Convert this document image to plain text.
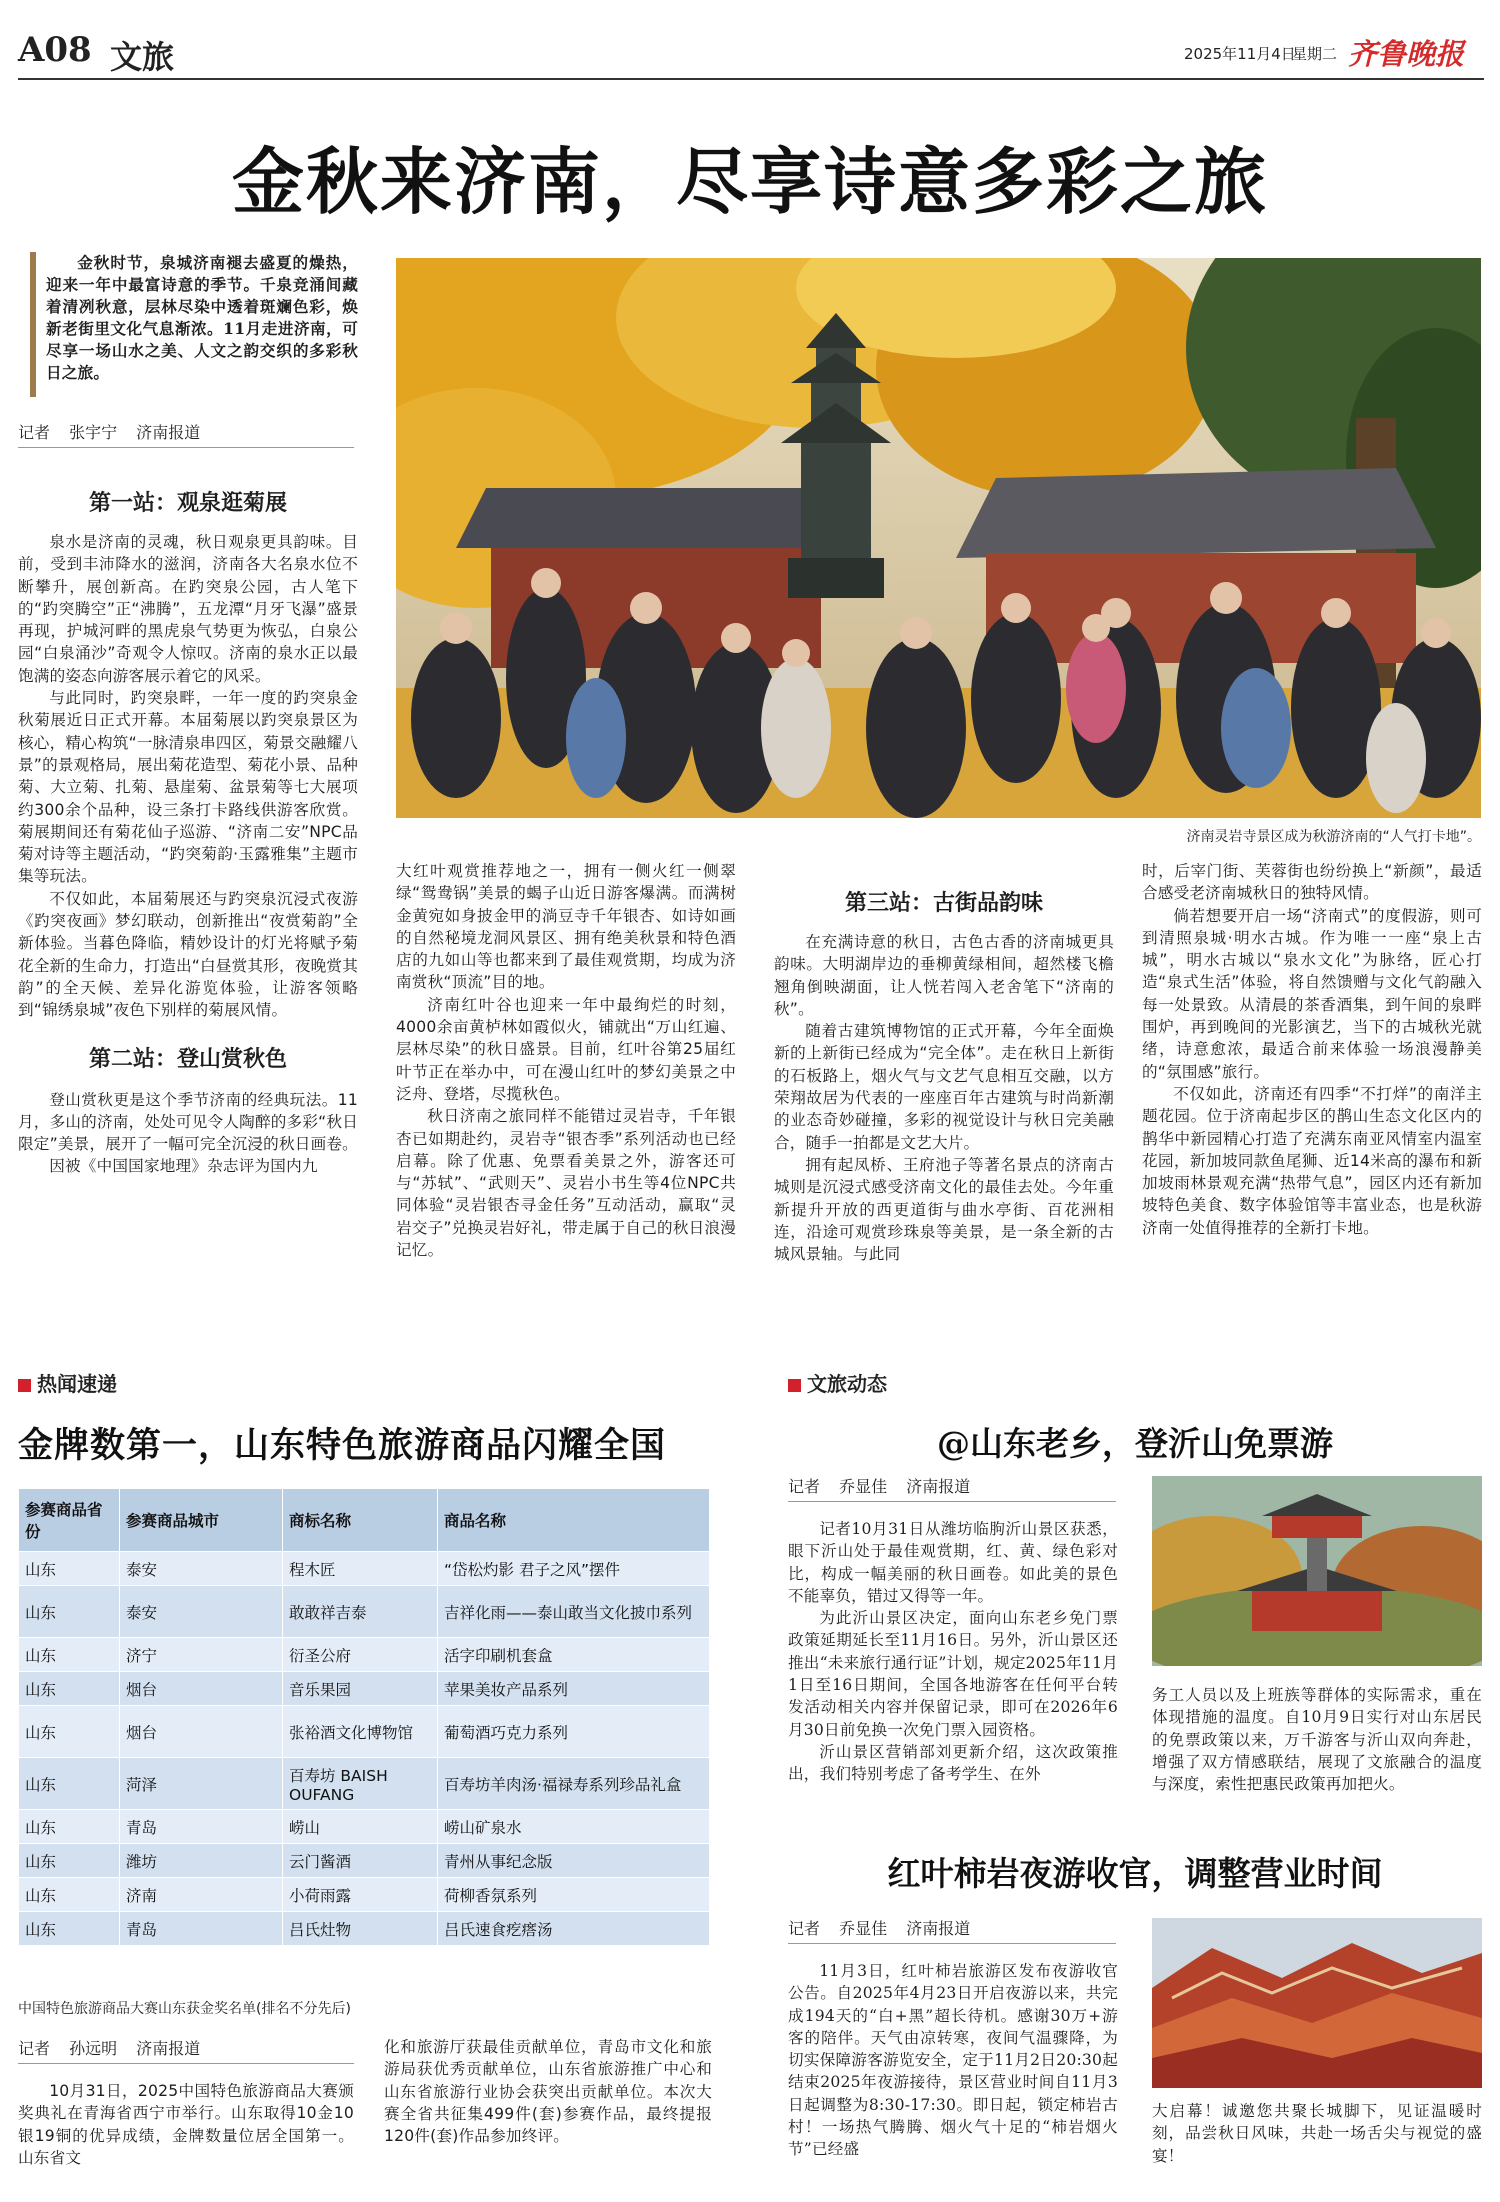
A08 文旅	2025年11月4日
星期二 齐鲁晚报
金秋来济南，尽享诗意多彩之旅

金秋时节，泉城济南褪去盛夏的燥热，迎来一年中最富诗意的季节。千泉竞涌间藏着清冽秋意，层林尽染中透着斑斓色彩，焕新老街里文化气息渐浓。11月走进济南，可尽享一场山水之美、人文之韵交织的多彩秋日之旅。

记者 张宇宁 济南报道
济南灵岩寺景区成为秋游济南的“人气打卡地”。

第一站：观泉逛菊展

泉水是济南的灵魂，秋日观泉更具韵味。目前，受到丰沛降水的滋润，济南各大名泉水位不断攀升，展创新高。在趵突泉公园，古人笔下的“趵突腾空”正“沸腾”，五龙潭“月牙飞瀑”盛景再现，护城河畔的黑虎泉气势更为恢弘，白泉公园“白泉涌沙”奇观令人惊叹。济南的泉水正以最饱满的姿态向游客展示着它的风采。

与此同时，趵突泉畔，一年一度的趵突泉金秋菊展近日正式开幕。本届菊展以趵突泉景区为核心，精心构筑“一脉清泉串四区，菊景交融耀八景”的景观格局，展出菊花造型、菊花小景、品种菊、大立菊、扎菊、悬崖菊、盆景菊等七大展项约300余个品种，设三条打卡路线供游客欣赏。菊展期间还有菊花仙子巡游、“济南二安”NPC品菊对诗等主题活动，“趵突菊韵·玉露雅集”主题市集等玩法。

不仅如此，本届菊展还与趵突泉沉浸式夜游《趵突夜画》梦幻联动，创新推出“夜赏菊韵”全新体验。当暮色降临，精妙设计的灯光将赋予菊花全新的生命力，打造出“白昼赏其形，夜晚赏其韵”的全天候、差异化游览体验，让游客领略到“锦绣泉城”夜色下别样的菊展风情。

第二站：登山赏秋色

登山赏秋更是这个季节济南的经典玩法。11月，多山的济南，处处可见令人陶醉的多彩“秋日限定”美景，展开了一幅可完全沉浸的秋日画卷。

因被《中国国家地理》杂志评为国内九

大红叶观赏推荐地之一，拥有一侧火红一侧翠绿“鸳鸯锅”美景的蝎子山近日游客爆满。而满树金黄宛如身披金甲的淌豆寺千年银杏、如诗如画的自然秘境龙洞风景区、拥有绝美秋景和特色酒店的九如山等也都来到了最佳观赏期，均成为济南赏秋“顶流”目的地。

济南红叶谷也迎来一年中最绚烂的时刻，4000余亩黄栌林如霞似火，铺就出“万山红遍、层林尽染”的秋日盛景。目前，红叶谷第25届红叶节正在举办中，可在漫山红叶的梦幻美景之中泛舟、登塔，尽揽秋色。

秋日济南之旅同样不能错过灵岩寺，千年银杏已如期赴约，灵岩寺“银杏季”系列活动也已经启幕。除了优惠、免票看美景之外，游客还可与“苏轼”、“武则天”、灵岩小书生等4位NPC共同体验“灵岩银杏寻金任务”互动活动，赢取“灵岩交子”兑换灵岩好礼，带走属于自己的秋日浪漫记忆。

第三站：古街品韵味

在充满诗意的秋日，古色古香的济南城更具韵味。大明湖岸边的垂柳黄绿相间，超然楼飞檐翘角倒映湖面，让人恍若闯入老舍笔下“济南的秋”。

随着古建筑博物馆的正式开幕，今年全面焕新的上新街已经成为“完全体”。走在秋日上新街的石板路上，烟火气与文艺气息相互交融，以方荣翔故居为代表的一座座百年古建筑与时尚新潮的业态奇妙碰撞，多彩的视觉设计与秋日完美融合，随手一拍都是文艺大片。

拥有起凤桥、王府池子等著名景点的济南古城则是沉浸式感受济南文化的最佳去处。今年重新提升开放的西更道街与曲水亭街、百花洲相连，沿途可观赏珍珠泉等美景，是一条全新的古城风景轴。与此同

时，后宰门街、芙蓉街也纷纷换上“新颜”，最适合感受老济南城秋日的独特风情。

倘若想要开启一场“济南式”的度假游，则可到清照泉城·明水古城。作为唯一一座“泉上古城”，明水古城以“泉水文化”为脉络，匠心打造“泉式生活”体验，将自然馈赠与文化气韵融入每一处景致。从清晨的茶香酒集，到午间的泉畔围炉，再到晚间的光影演艺，当下的古城秋光就绪，诗意愈浓，最适合前来体验一场浪漫静美的“氛围感”旅行。

不仅如此，济南还有四季“不打烊”的南洋主题花园。位于济南起步区的鹊山生态文化区内的鹊华中新园精心打造了充满东南亚风情室内温室花园，新加坡同款鱼尾狮、近14米高的瀑布和新加坡雨林景观充满“热带气息”，园区内还有新加坡特色美食、数字体验馆等丰富业态，也是秋游济南一处值得推荐的全新打卡地。

热闻速递
金牌数第一，山东特色旅游商品闪耀全国
参赛商品省份	参赛商品城市	商标名称	商品名称
山东	泰安	程木匠	“岱松灼影 君子之风”摆件
山东	泰安	敢敢祥吉泰	吉祥化雨——泰山敢当文化披巾系列
山东	济宁	衍圣公府	活字印刷机套盒
山东	烟台	音乐果园	苹果美妆产品系列
山东	烟台	张裕酒文化博物馆	葡萄酒巧克力系列
山东	菏泽	百寿坊 BAISH OUFANG	百寿坊羊肉汤·福禄寿系列珍品礼盒
山东	青岛	崂山	崂山矿泉水
山东	潍坊	云门酱酒	青州从事纪念版
山东	济南	小荷雨露	荷柳香氛系列
山东	青岛	吕氏灶物	吕氏速食疙瘩汤
中国特色旅游商品大赛山东获金奖名单(排名不分先后)
记者 孙远明 济南报道

10月31日，2025中国特色旅游商品大赛颁奖典礼在青海省西宁市举行。山东取得10金10银19铜的优异成绩，金牌数量位居全国第一。山东省文

化和旅游厅获最佳贡献单位，青岛市文化和旅游局获优秀贡献单位，山东省旅游推广中心和山东省旅游行业协会获突出贡献单位。本次大赛全省共征集499件(套)参赛作品，最终提报120件(套)作品参加终评。

文旅动态
@山东老乡，登沂山免票游
记者 乔显佳 济南报道

记者10月31日从潍坊临朐沂山景区获悉，眼下沂山处于最佳观赏期，红、黄、绿色彩对比，构成一幅美丽的秋日画卷。如此美的景色不能辜负，错过又得等一年。

为此沂山景区决定，面向山东老乡免门票政策延期延长至11月16日。另外，沂山景区还推出“未来旅行通行证”计划，规定2025年11月1日至16日期间，全国各地游客在任何平台转发活动相关内容并保留记录，即可在2026年6月30日前免换一次免门票入园资格。

沂山景区营销部刘更新介绍，这次政策推出，我们特别考虑了备考学生、在外

务工人员以及上班族等群体的实际需求，重在体现措施的温度。自10月9日实行对山东居民的免票政策以来，万千游客与沂山双向奔赴，增强了双方情感联结，展现了文旅融合的温度与深度，索性把惠民政策再加把火。

红叶柿岩夜游收官，调整营业时间
记者 乔显佳 济南报道

11月3日，红叶柿岩旅游区发布夜游收官公告。自2025年4月23日开启夜游以来，共完成194天的“白+黑”超长待机。感谢30万+游客的陪伴。天气由凉转寒，夜间气温骤降，为切实保障游客游览安全，定于11月2日20:30起结束2025年夜游接待，景区营业时间自11月3日起调整为8:30-17:30。即日起，锁定柿岩古村！一场热气腾腾、烟火气十足的“柿岩烟火节”已经盛

大启幕！诚邀您共聚长城脚下，见证温暖时刻，品尝秋日风味，共赴一场舌尖与视觉的盛宴！
